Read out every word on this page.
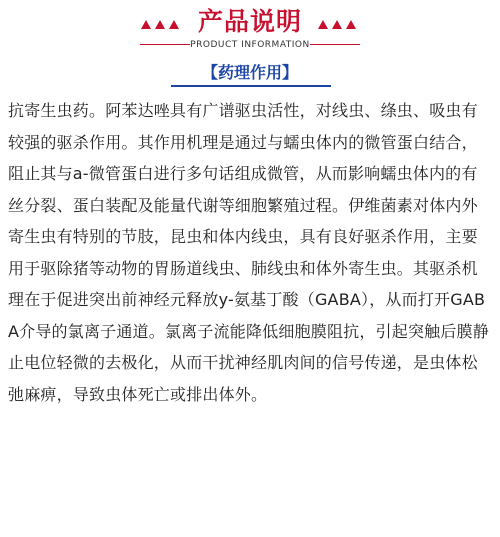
产品说明
PRODUCT INFORMATION
【药理作用】

抗寄生虫药。阿苯达唑具有广谱驱虫活性，对线虫、绦虫、吸虫有较强的驱杀作用。其作用机理是通过与蠕虫体内的微管蛋白结合，阻止其与a-微管蛋白进行多句话组成微管，从而影响蠕虫体内的有丝分裂、蛋白装配及能量代谢等细胞繁殖过程。伊维菌素对体内外寄生虫有特别的节肢，昆虫和体内线虫，具有良好驱杀作用，主要用于驱除猪等动物的胃肠道线虫、肺线虫和体外寄生虫。其驱杀机理在于促进突出前神经元释放y-氨基丁酸（GABA），从而打开GABA介导的氯离子通道。氯离子流能降低细胞膜阻抗，引起突触后膜静止电位轻微的去极化，从而干扰神经肌肉间的信号传递，是虫体松弛麻痹，导致虫体死亡或排出体外。
